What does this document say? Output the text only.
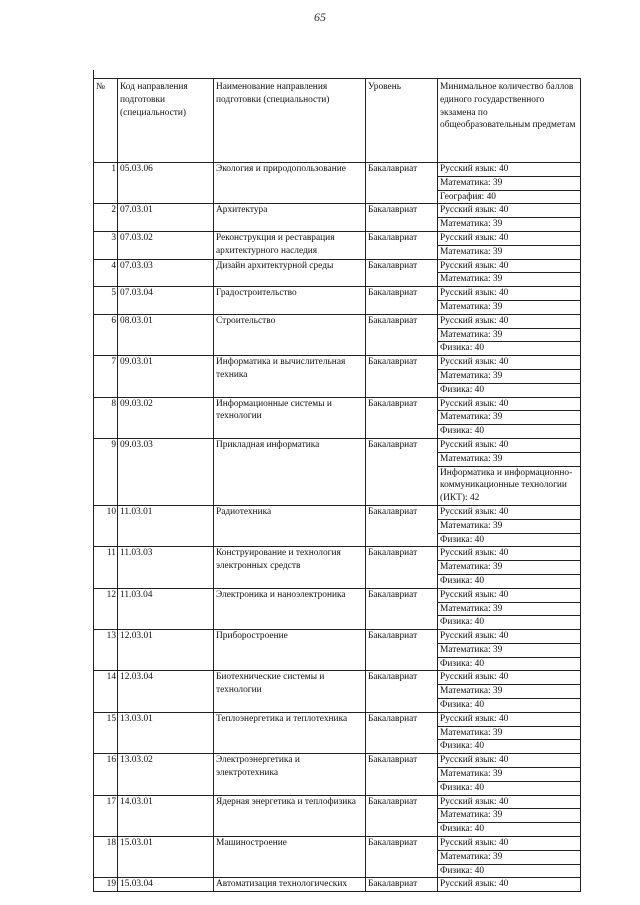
65
№	Код направления подготовки (специальности)	Наименование направления подготовки (специальности)	Уровень	Минимальное количество баллов единого государственного экзамена по общеобразовательным предметам
1	05.03.06	Экология и природопользование	Бакалавриат	Русский язык: 40
Математика: 39
География: 40

2	07.03.01	Архитектура	Бакалавриат	Русский язык: 40
Математика: 39

3	07.03.02	Реконструкция и реставрация архитектурного наследия	Бакалавриат	Русский язык: 40
Математика: 39

4	07.03.03	Дизайн архитектурной среды	Бакалавриат	Русский язык: 40
Математика: 39

5	07.03.04	Градостроительство	Бакалавриат	Русский язык: 40
Математика: 39

6	08.03.01	Строительство	Бакалавриат	Русский язык: 40
Математика: 39
Физика: 40

7	09.03.01	Информатика и вычислительная техника	Бакалавриат	Русский язык: 40
Математика: 39
Физика: 40

8	09.03.02	Информационные системы и технологии	Бакалавриат	Русский язык: 40
Математика: 39
Физика: 40

9	09.03.03	Прикладная информатика	Бакалавриат	Русский язык: 40
Математика: 39
Информатика и информационно-коммуникационные технологии (ИКТ): 42

10	11.03.01	Радиотехника	Бакалавриат	Русский язык: 40
Математика: 39
Физика: 40

11	11.03.03	Конструирование и технология электронных средств	Бакалавриат	Русский язык: 40
Математика: 39
Физика: 40

12	11.03.04	Электроника и наноэлектроника	Бакалавриат	Русский язык: 40
Математика: 39
Физика: 40

13	12.03.01	Приборостроение	Бакалавриат	Русский язык: 40
Математика: 39
Физика: 40

14	12.03.04	Биотехнические системы и технологии	Бакалавриат	Русский язык: 40
Математика: 39
Физика: 40

15	13.03.01	Теплоэнергетика и теплотехника	Бакалавриат	Русский язык: 40
Математика: 39
Физика: 40

16	13.03.02	Электроэнергетика и электротехника	Бакалавриат	Русский язык: 40
Математика: 39
Физика: 40

17	14.03.01	Ядерная энергетика и теплофизика	Бакалавриат	Русский язык: 40
Математика: 39
Физика: 40

18	15.03.01	Машиностроение	Бакалавриат	Русский язык: 40
Математика: 39
Физика: 40

19	15.03.04	Автоматизация технологических	Бакалавриат	Русский язык: 40
